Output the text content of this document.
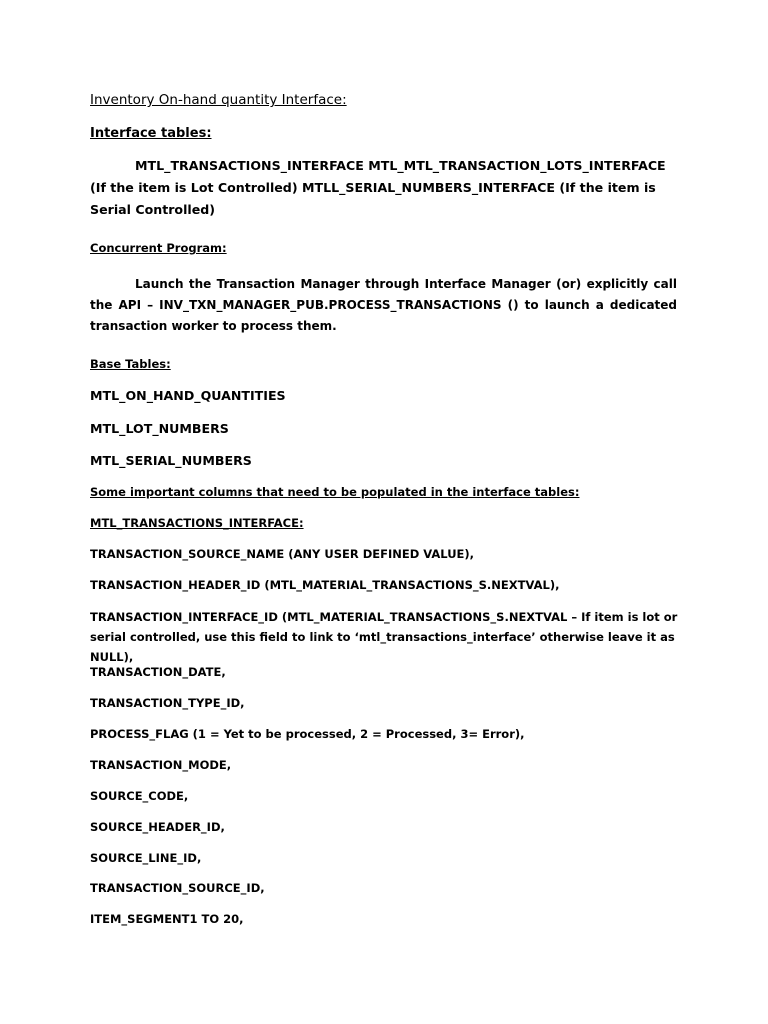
Inventory On-hand quantity Interface:

Interface tables:

MTL_TRANSACTIONS_INTERFACE MTL_MTL_TRANSACTION_LOTS_INTERFACE (If the item is Lot Controlled) MTLL_SERIAL_NUMBERS_INTERFACE (If the item is Serial Controlled)

Concurrent Program:

Launch the Transaction Manager through Interface Manager (or) explicitly call the API – INV_TXN_MANAGER_PUB.PROCESS_TRANSACTIONS () to launch a dedicated transaction worker to process them.

Base Tables:

MTL_ON_HAND_QUANTITIES

MTL_LOT_NUMBERS

MTL_SERIAL_NUMBERS

Some important columns that need to be populated in the interface tables:

MTL_TRANSACTIONS_INTERFACE:

TRANSACTION_SOURCE_NAME (ANY USER DEFINED VALUE),

TRANSACTION_HEADER_ID (MTL_MATERIAL_TRANSACTIONS_S.NEXTVAL),

TRANSACTION_INTERFACE_ID (MTL_MATERIAL_TRANSACTIONS_S.NEXTVAL – If item is lot or serial controlled, use this field to link to ‘mtl_transactions_interface’ otherwise leave it as NULL),

TRANSACTION_DATE,

TRANSACTION_TYPE_ID,

PROCESS_FLAG (1 = Yet to be processed, 2 = Processed, 3= Error),

TRANSACTION_MODE,

SOURCE_CODE,

SOURCE_HEADER_ID,

SOURCE_LINE_ID,

TRANSACTION_SOURCE_ID,

ITEM_SEGMENT1 TO 20,
